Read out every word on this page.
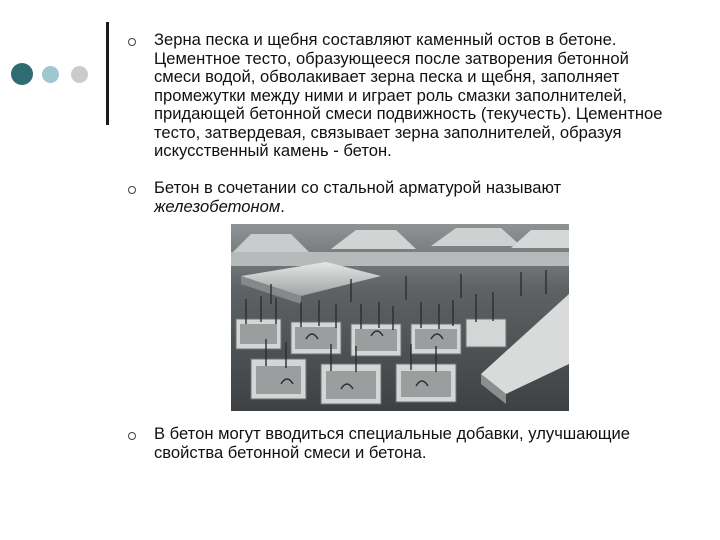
Зерна песка и щебня составляют каменный остов в бетоне. Цементное тесто, образующееся после затворения бетонной смеси водой, обволакивает зерна песка и щебня, заполняет промежутки между ними и играет роль смазки заполнителей, придающей бетонной смеси подвижность (текучесть). Цементное тесто, затвердевая, связывает зерна заполнителей, образуя искусственный камень - бетон.

Бетон в сочетании со стальной арматурой называют железобетоном.

В бетон могут вводиться специальные добавки, улучшающие свойства бетонной смеси и бетона.
